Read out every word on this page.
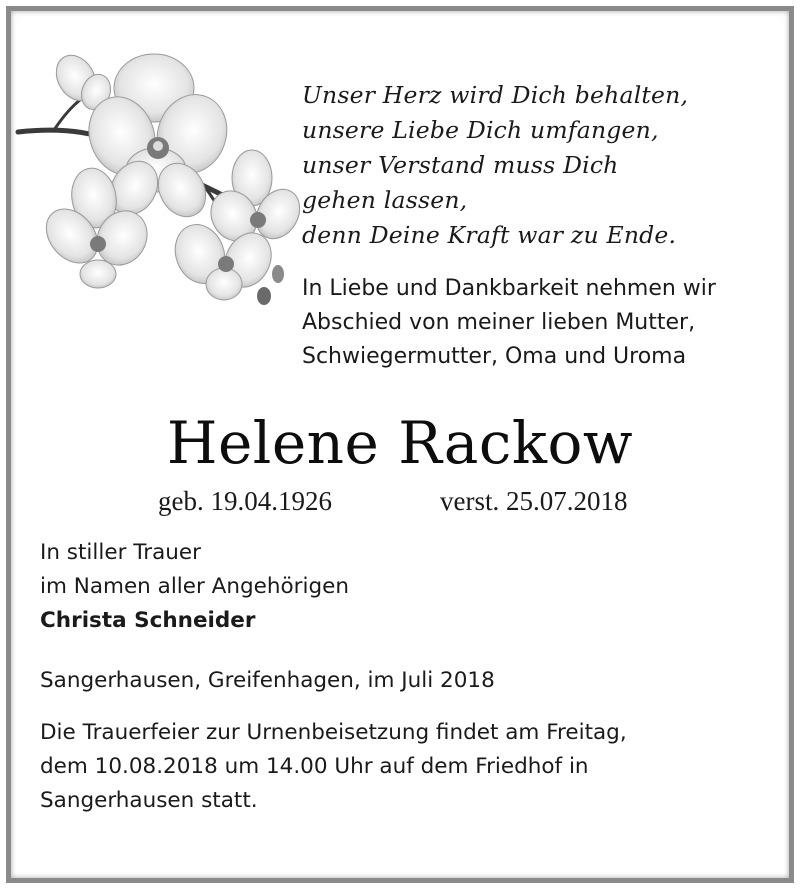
Unser Herz wird Dich behalten,
unsere Liebe Dich umfangen,
unser Verstand muss Dich
gehen lassen,
denn Deine Kraft war zu Ende.
In Liebe und Dankbarkeit nehmen wir
Abschied von meiner lieben Mutter,
Schwiegermutter, Oma und Uroma
Helene Rackow
geb. 19.04.1926	verst. 25.07.2018
In stiller Trauer
im Namen aller Angehörigen
Christa Schneider
Sangerhausen, Greifenhagen, im Juli 2018
Die Trauerfeier zur Urnenbeisetzung findet am Freitag,
dem 10.08.2018 um 14.00 Uhr auf dem Friedhof in
Sangerhausen statt.
